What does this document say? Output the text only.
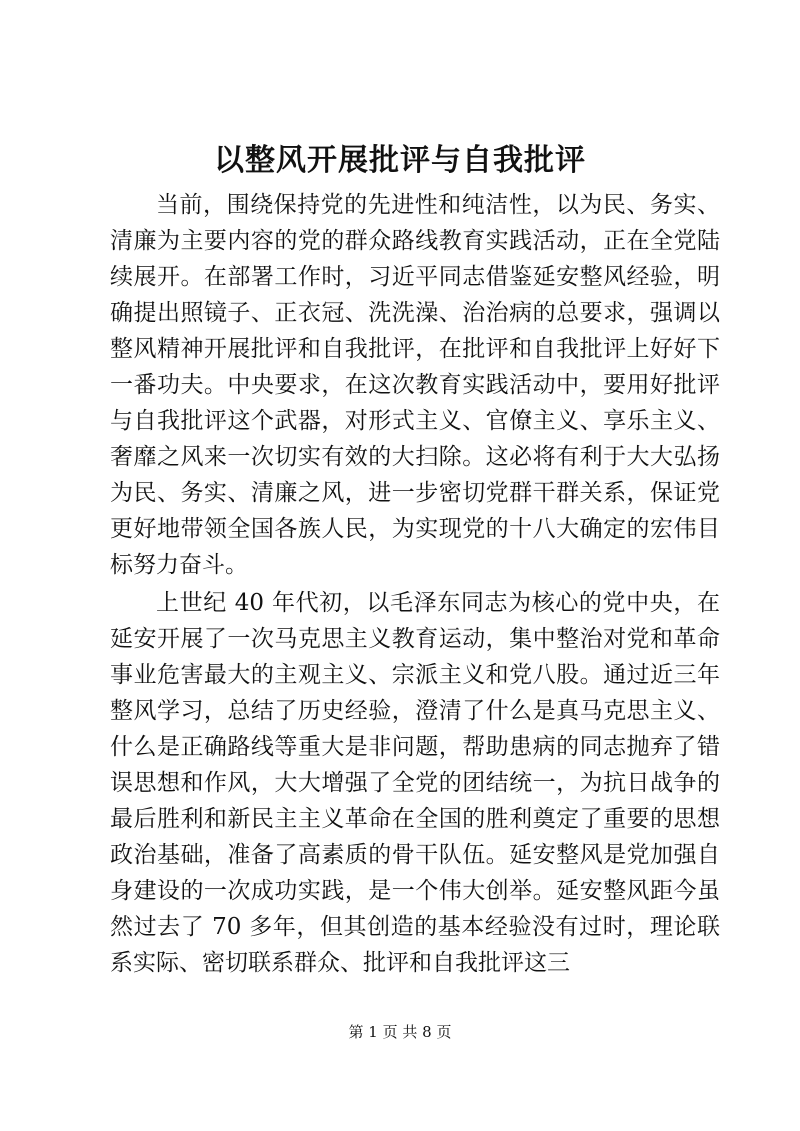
以整风开展批评与自我批评

当前，围绕保持党的先进性和纯洁性，以为民、务实、清廉为主要内容的党的群众路线教育实践活动，正在全党陆续展开。在部署工作时，习近平同志借鉴延安整风经验，明确提出照镜子、正衣冠、洗洗澡、治治病的总要求，强调以整风精神开展批评和自我批评，在批评和自我批评上好好下一番功夫。中央要求，在这次教育实践活动中，要用好批评与自我批评这个武器，对形式主义、官僚主义、享乐主义、奢靡之风来一次切实有效的大扫除。这必将有利于大大弘扬为民、务实、清廉之风，进一步密切党群干群关系，保证党更好地带领全国各族人民，为实现党的十八大确定的宏伟目标努力奋斗。

上世纪 40 年代初，以毛泽东同志为核心的党中央，在延安开展了一次马克思主义教育运动，集中整治对党和革命事业危害最大的主观主义、宗派主义和党八股。通过近三年整风学习，总结了历史经验，澄清了什么是真马克思主义、什么是正确路线等重大是非问题，帮助患病的同志抛弃了错误思想和作风，大大增强了全党的团结统一，为抗日战争的最后胜利和新民主主义革命在全国的胜利奠定了重要的思想政治基础，准备了高素质的骨干队伍。延安整风是党加强自身建设的一次成功实践，是一个伟大创举。延安整风距今虽然过去了 70 多年，但其创造的基本经验没有过时，理论联系实际、密切联系群众、批评和自我批评这三

第 1 页 共 8 页
